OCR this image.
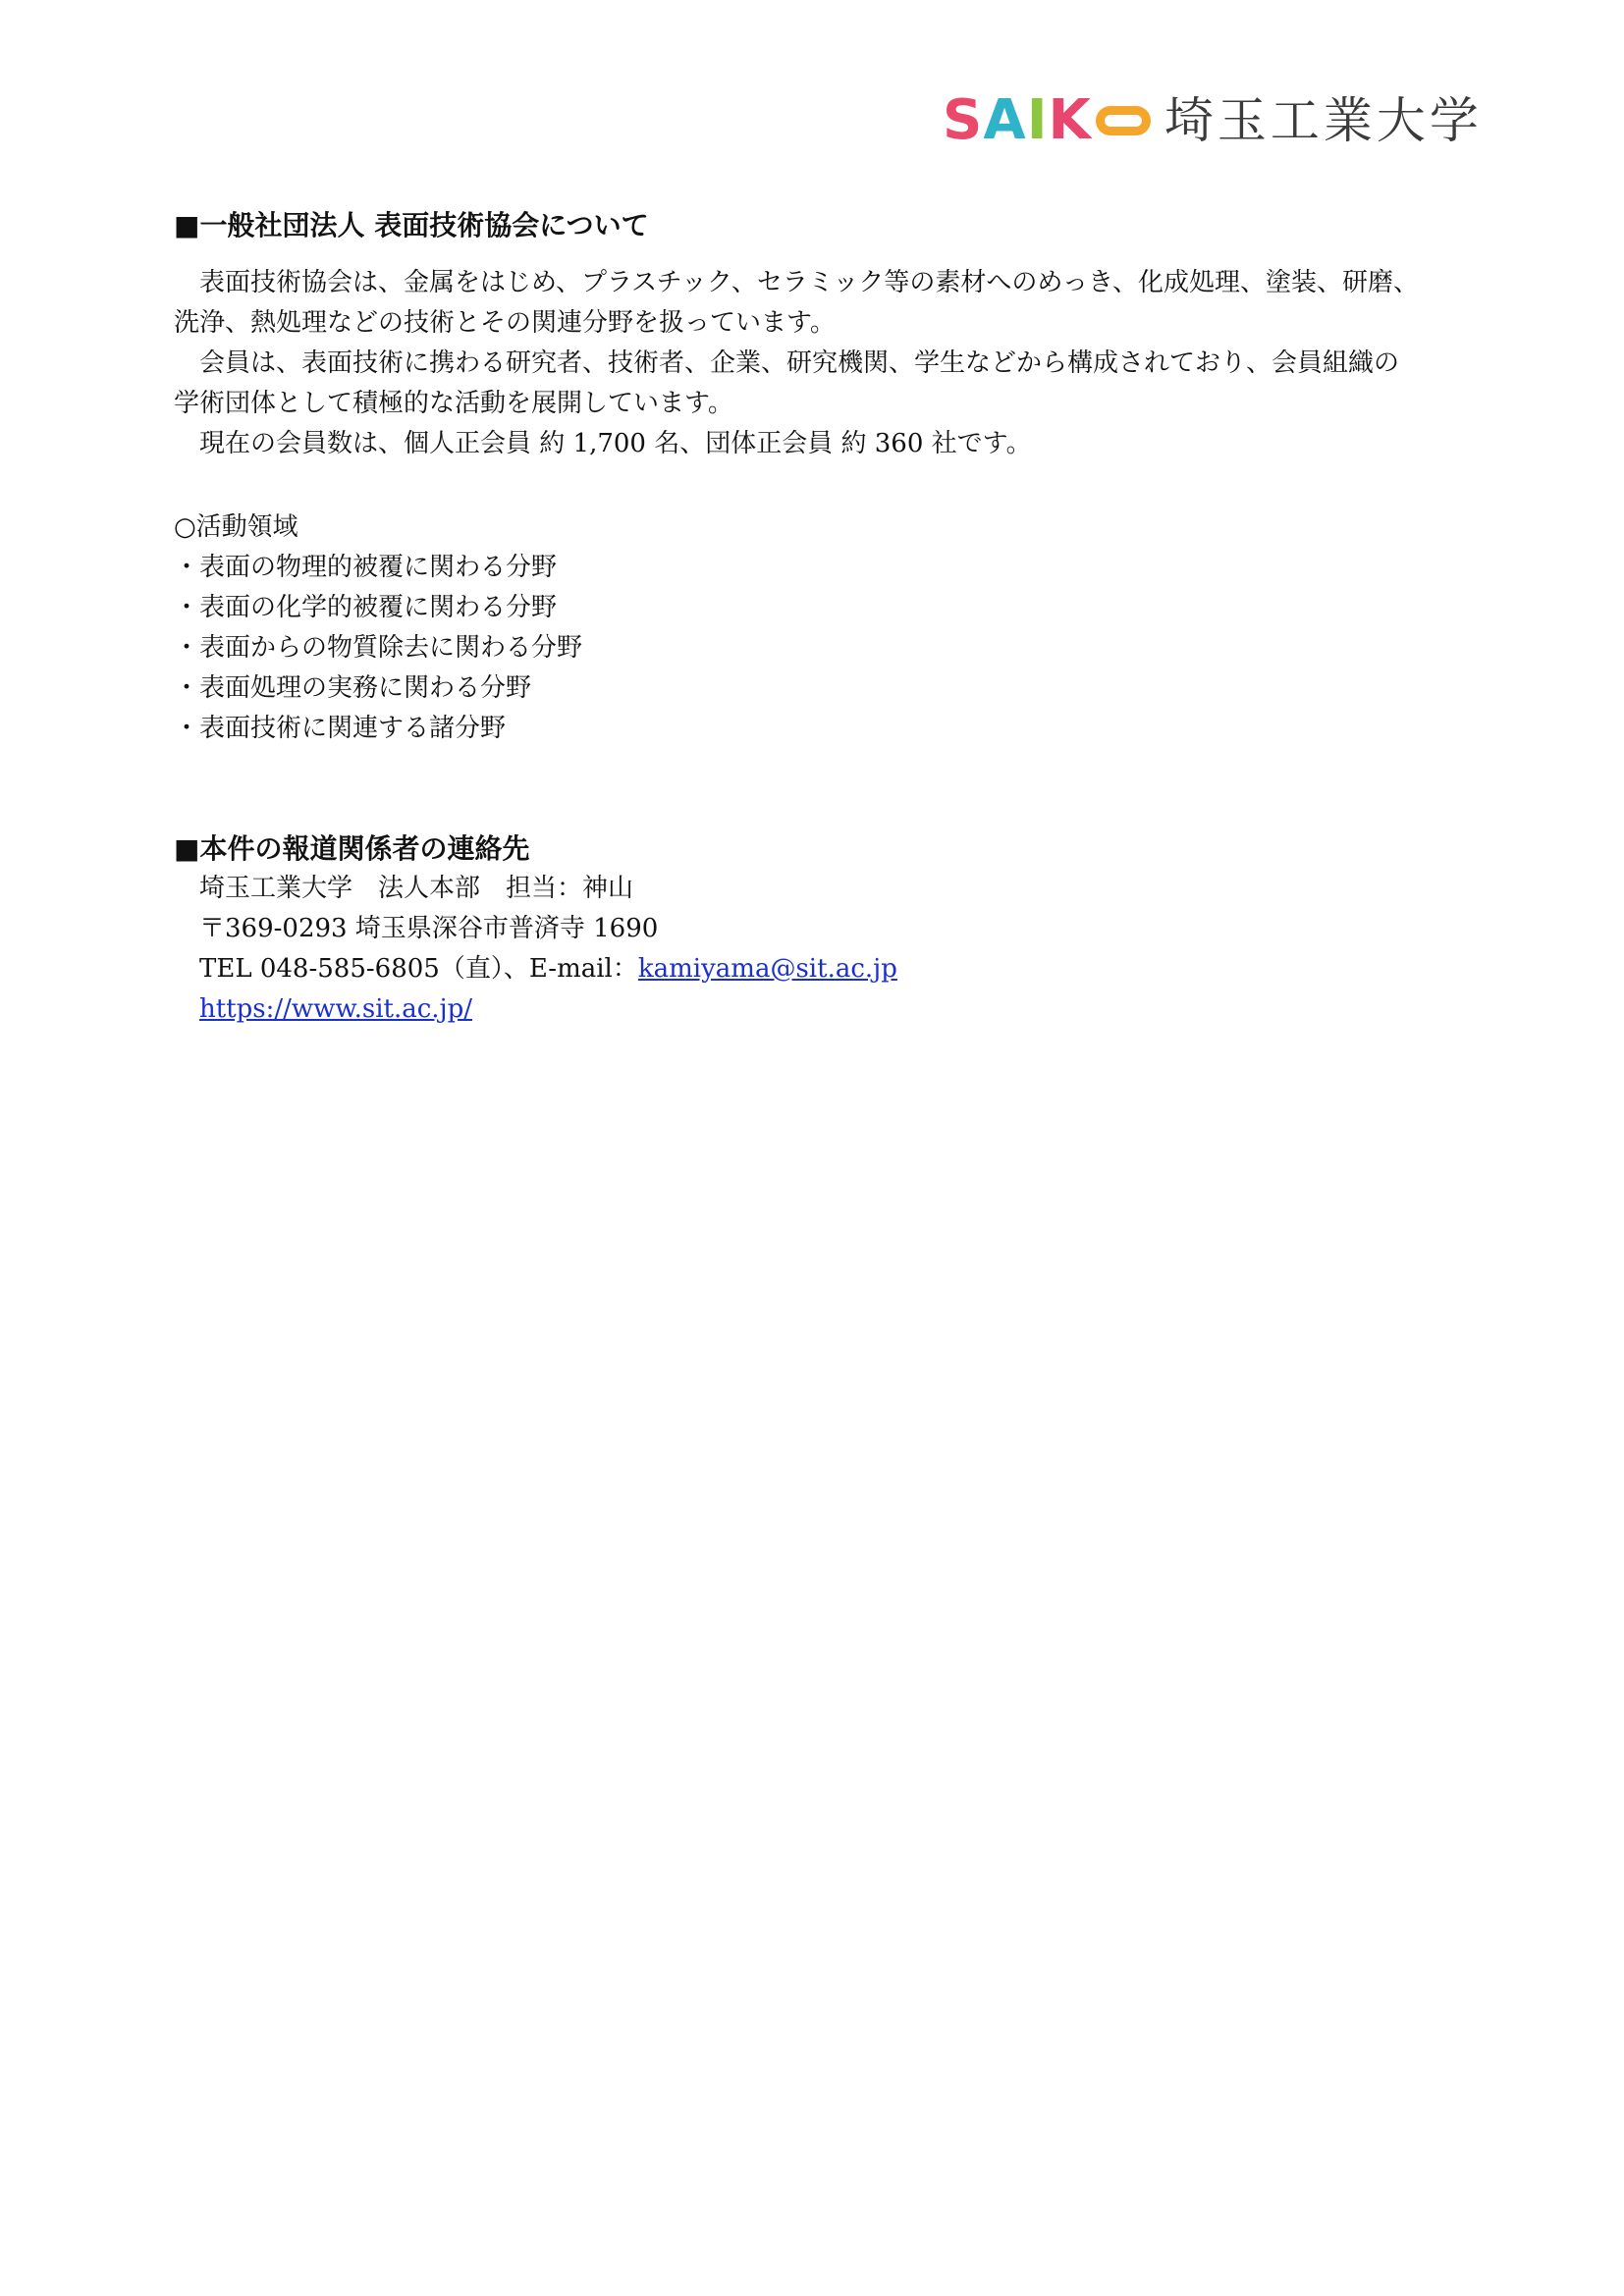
S A I K 埼玉工業大学
■一般社団法人 表面技術協会について

表面技術協会は、金属をはじめ、プラスチック、セラミック等の素材へのめっき、化成処理、塗装、研磨、

洗浄、熱処理などの技術とその関連分野を扱っています。

会員は、表面技術に携わる研究者、技術者、企業、研究機関、学生などから構成されており、会員組織の

学術団体として積極的な活動を展開しています。

現在の会員数は、個人正会員 約 1,700 名、団体正会員 約 360 社です。

○活動領域

・表面の物理的被覆に関わる分野
・表面の化学的被覆に関わる分野
・表面からの物質除去に関わる分野
・表面処理の実務に関わる分野
・表面技術に関連する諸分野
■本件の報道関係者の連絡先
埼玉工業大学　法人本部　担当：神山
〒369-0293 埼玉県深谷市普済寺 1690
TEL 048-585-6805（直）、E-mail：kamiyama@sit.ac.jp
https://www.sit.ac.jp/
